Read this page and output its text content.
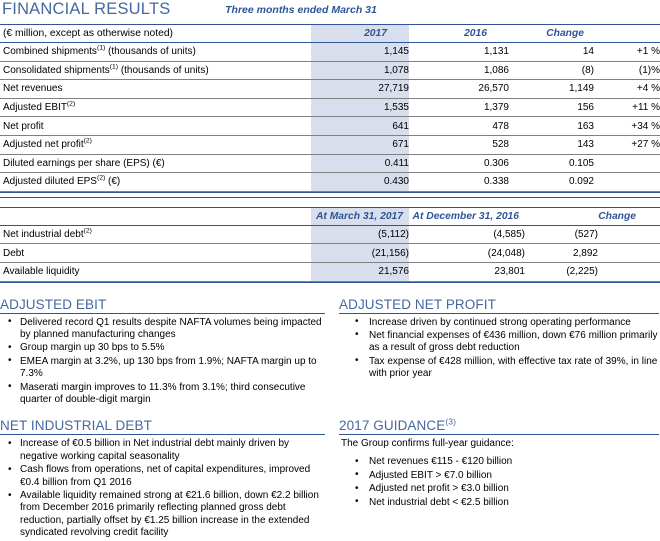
FINANCIAL RESULTS	Three months ended March 31
(€ million, except as otherwise noted)	2017	2016	Change	
Combined shipments$^{(1)}$ (thousands of units)	1,145	1,131	14	+1 %
Consolidated shipments$^{(1)}$ (thousands of units)	1,078	1,086	(8)	(1)%
Net revenues	27,719	26,570	1,149	+4 %
Adjusted EBIT$^{(2)}$	1,535	1,379	156	+11 %
Net profit	641	478	163	+34 %
Adjusted net profit$^{(2)}$	671	528	143	+27 %
Diluted earnings per share (EPS) (€)	0.411	0.306	0.105	
Adjusted diluted EPS$^{(2)}$ (€)	0.430	0.338	0.092	
	At March 31, 2017	At December 31, 2016	Change
Net industrial debt$^{(2)}$	(5,112)	(4,585)	(527)
Debt	(21,156)	(24,048)	2,892
Available liquidity	21,576	23,801	(2,225)
ADJUSTED EBIT
• Delivered record Q1 results despite NAFTA volumes being impacted by planned manufacturing changes
• Group margin up 30 bps to 5.5%
• EMEA margin at 3.2%, up 130 bps from 1.9%; NAFTA margin up to 7.3%
• Maserati margin improves to 11.3% from 3.1%; third consecutive quarter of double-digit margin
ADJUSTED NET PROFIT
• Increase driven by continued strong operating performance
• Net financial expenses of €436 million, down €76 million primarily as a result of gross debt reduction
• Tax expense of €428 million, with effective tax rate of 39%, in line with prior year
NET INDUSTRIAL DEBT
• Increase of €0.5 billion in Net industrial debt mainly driven by negative working capital seasonality
• Cash flows from operations, net of capital expenditures, improved €0.4 billion from Q1 2016
• Available liquidity remained strong at €21.6 billion, down €2.2 billion from December 2016 primarily reflecting planned gross debt reduction, partially offset by €1.25 billion increase in the extended syndicated revolving credit facility
2017 GUIDANCE$^{(3)}$
The Group confirms full-year guidance:
• Net revenues €115 - €120 billion
• Adjusted EBIT > €7.0 billion
• Adjusted net profit > €3.0 billion
• Net industrial debt < €2.5 billion
